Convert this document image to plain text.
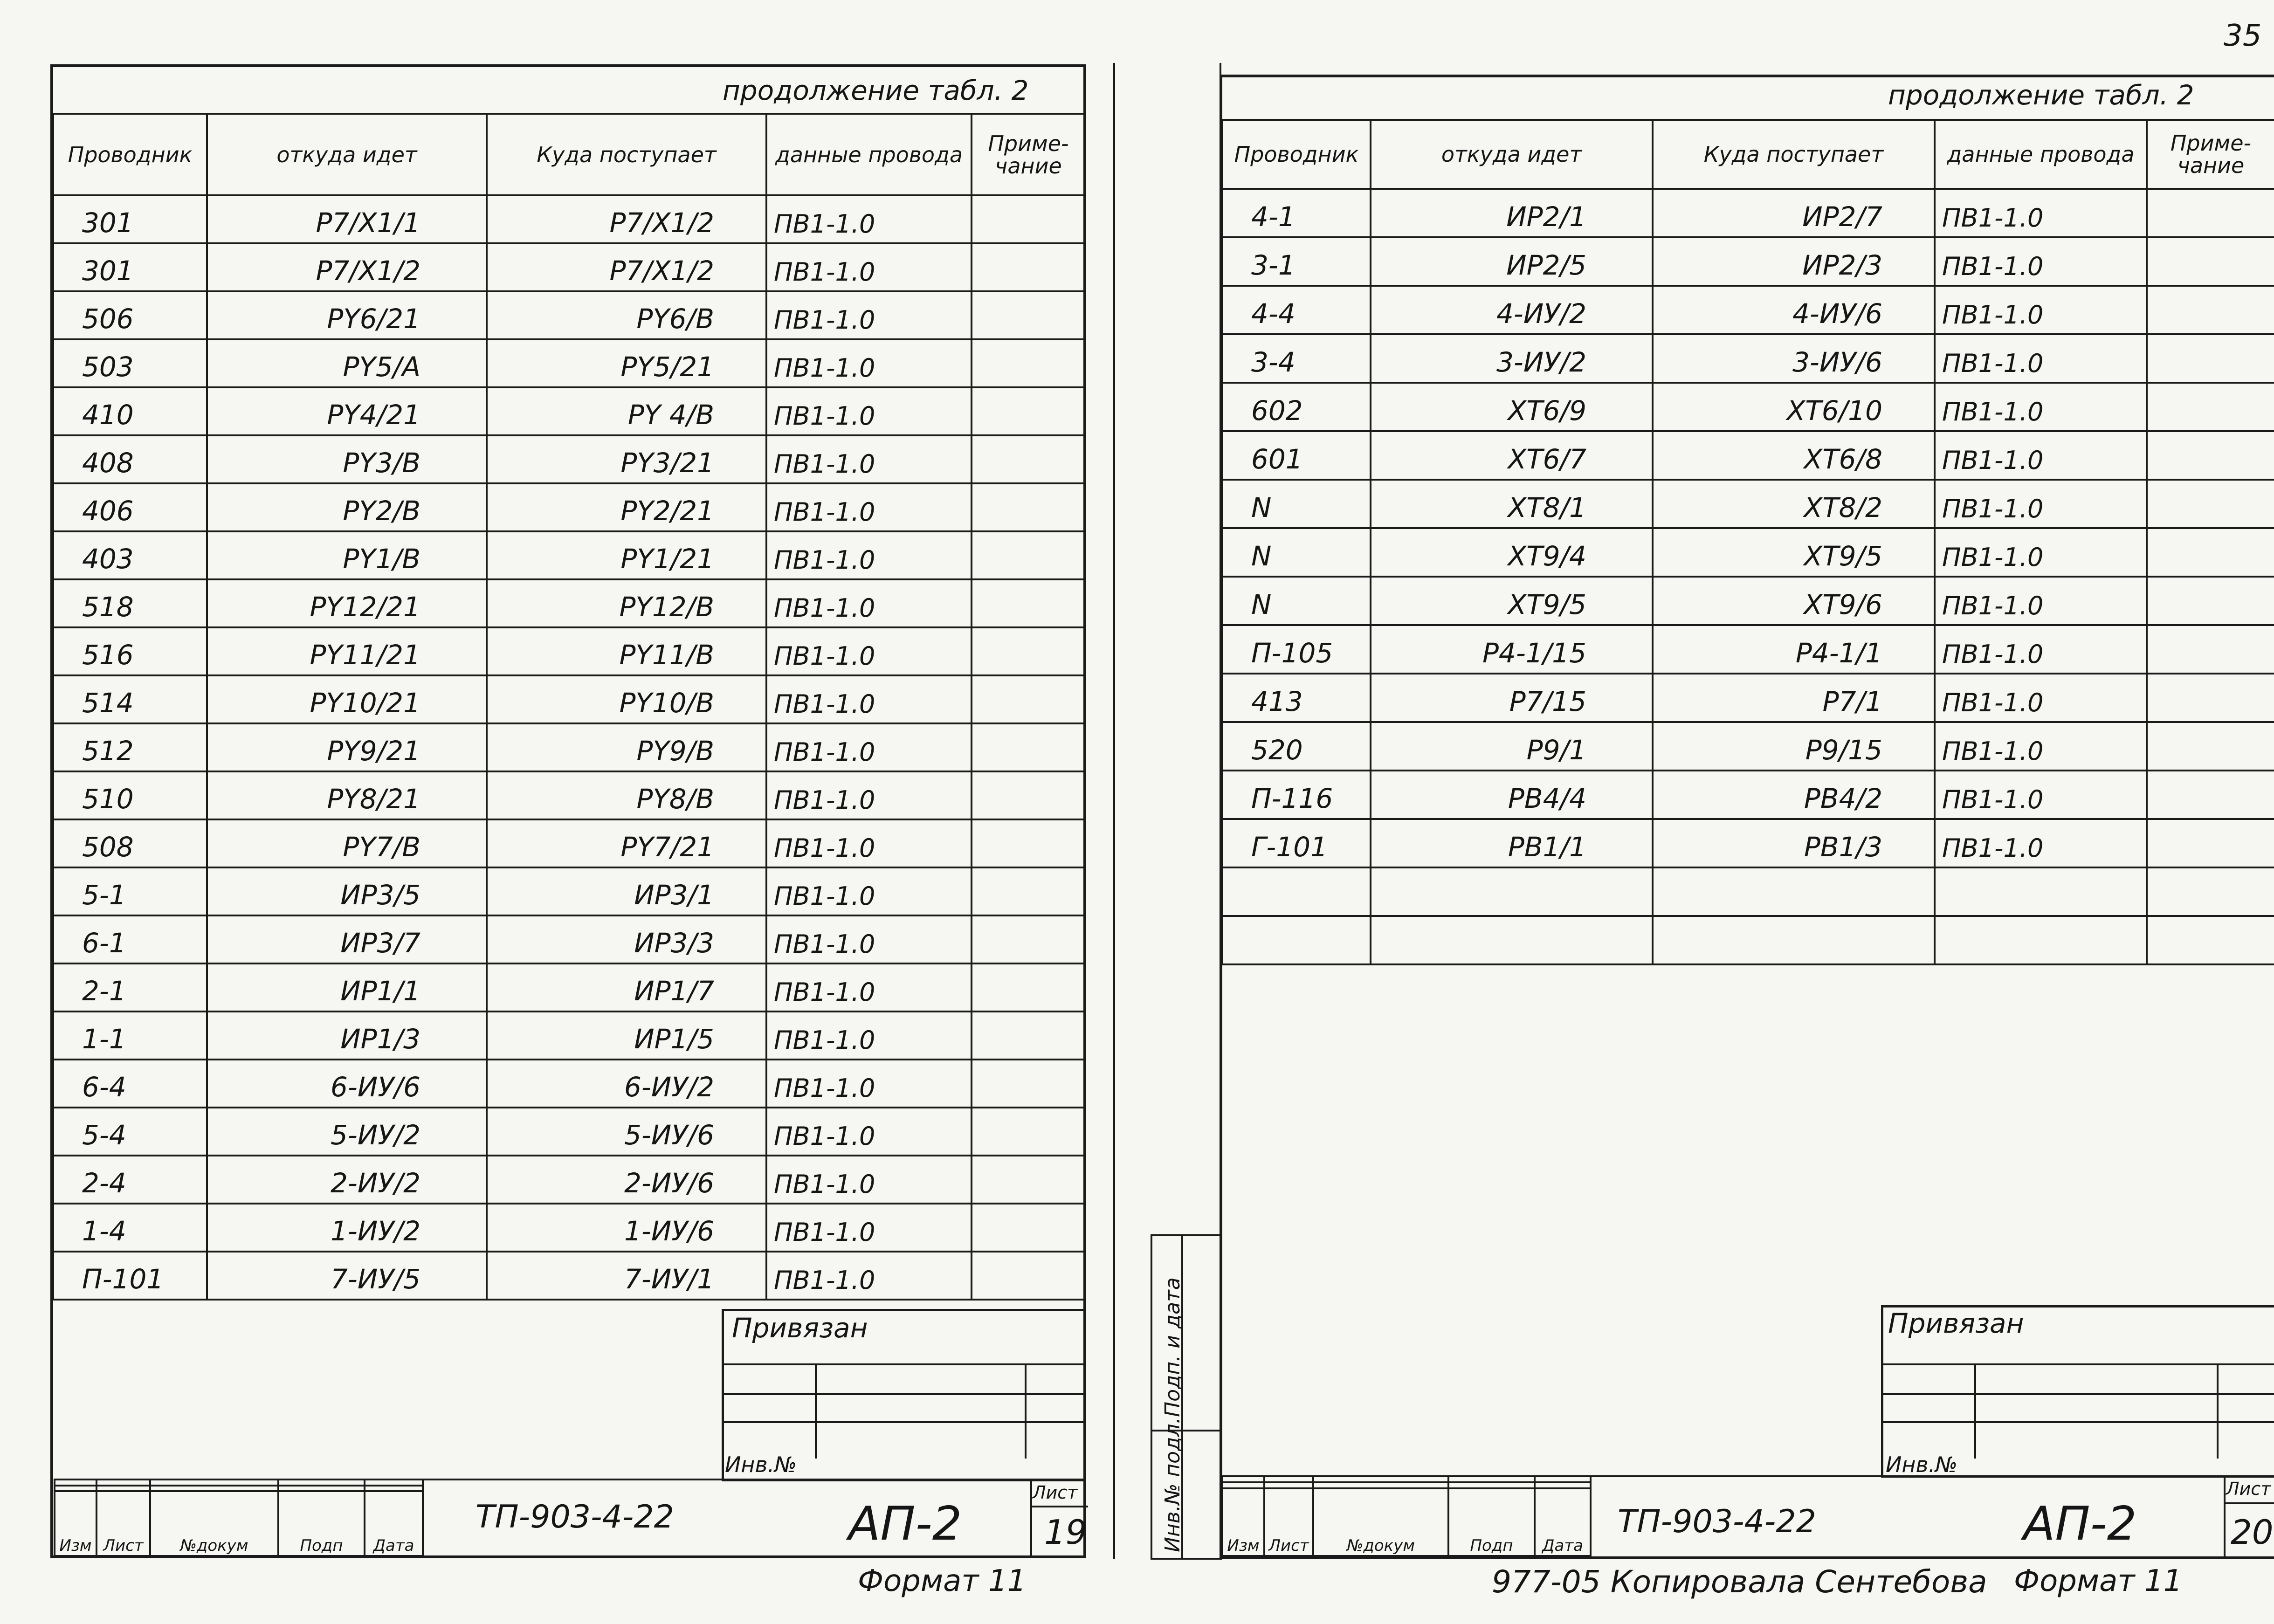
35
продолжение табл. 2
Проводник	откуда идет	Куда поступает	данные провода	Приме-чание
301	P7/X1/1	P7/X1/2	ПВ1-1.0	
301	P7/X1/2	P7/X1/2	ПВ1-1.0	
506	PY6/21	PY6/B	ПВ1-1.0	
503	PY5/A	PY5/21	ПВ1-1.0	
410	PY4/21	PY 4/B	ПВ1-1.0	
408	PY3/B	PY3/21	ПВ1-1.0	
406	PY2/B	PY2/21	ПВ1-1.0	
403	PY1/B	PY1/21	ПВ1-1.0	
518	PY12/21	PY12/B	ПВ1-1.0	
516	PY11/21	PY11/B	ПВ1-1.0	
514	PY10/21	PY10/B	ПВ1-1.0	
512	PY9/21	PY9/B	ПВ1-1.0	
510	PY8/21	PY8/B	ПВ1-1.0	
508	PY7/B	PY7/21	ПВ1-1.0	
5-1	ИР3/5	ИР3/1	ПВ1-1.0	
6-1	ИР3/7	ИР3/3	ПВ1-1.0	
2-1	ИР1/1	ИР1/7	ПВ1-1.0	
1-1	ИР1/3	ИР1/5	ПВ1-1.0	
6-4	6-ИУ/6	6-ИУ/2	ПВ1-1.0	
5-4	5-ИУ/2	5-ИУ/6	ПВ1-1.0	
2-4	2-ИУ/2	2-ИУ/6	ПВ1-1.0	
1-4	1-ИУ/2	1-ИУ/6	ПВ1-1.0	
П-101	7-ИУ/5	7-ИУ/1	ПВ1-1.0	
Привязан
Инв.№

Изм	Лист	№докум	Подп	Дата
ТП-903-4-22	АП-2
Лист
19
Формат 11
Подп. и дата
Инв.№ подл.
продолжение табл. 2
Проводник	откуда идет	Куда поступает	данные провода	Приме-чание
4-1	ИР2/1	ИР2/7	ПВ1-1.0	
3-1	ИР2/5	ИР2/3	ПВ1-1.0	
4-4	4-ИУ/2	4-ИУ/6	ПВ1-1.0	
3-4	3-ИУ/2	3-ИУ/6	ПВ1-1.0	
602	XT6/9	XT6/10	ПВ1-1.0	
601	XT6/7	XT6/8	ПВ1-1.0	
N	XT8/1	XT8/2	ПВ1-1.0	
N	XT9/4	XT9/5	ПВ1-1.0	
N	XT9/5	XT9/6	ПВ1-1.0	
П-105	P4-1/15	P4-1/1	ПВ1-1.0	
413	P7/15	P7/1	ПВ1-1.0	
520	P9/1	P9/15	ПВ1-1.0	
П-116	PB4/4	PB4/2	ПВ1-1.0	
Г-101	PB1/1	PB1/3	ПВ1-1.0	

Привязан
Инв.№

Изм	Лист	№докум	Подп	Дата
ТП-903-4-22	АП-2
Лист
20
977-05 Копировала Сентебова Формат 11
